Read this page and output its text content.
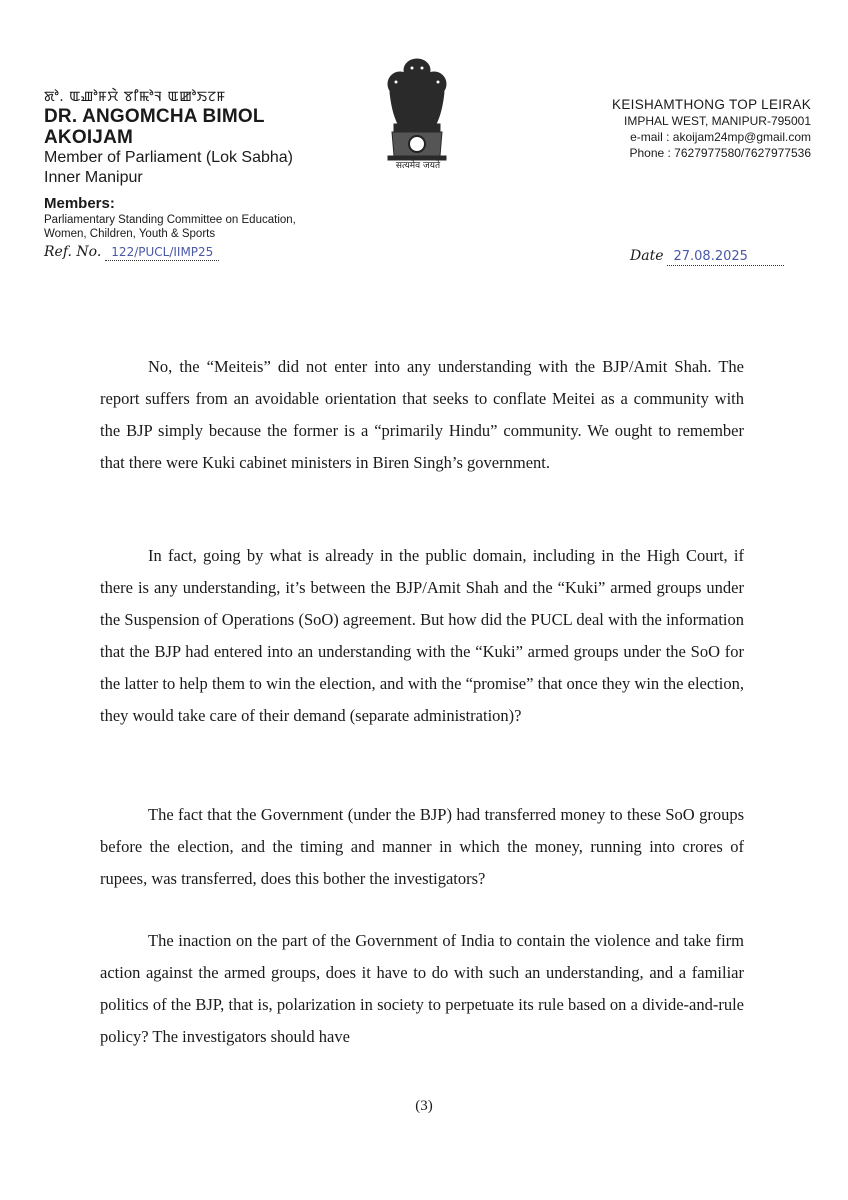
ꯗꯣ. ꯑꯉꯣꯝꯆꯥ ꯕꯤꯃꯣꯜ ꯑꯀꯣꯏꯖꯝ
DR. ANGOMCHA BIMOL AKOIJAM
Member of Parliament (Lok Sabha)
Inner Manipur
Members:
Parliamentary Standing Committee on Education,
Women, Children, Youth & Sports
सत्यमेव जयते
KEISHAMTHONG TOP LEIRAK
IMPHAL WEST, MANIPUR-795001
e-mail : akoijam24mp@gmail.com
Phone : 7627977580/7627977536
Ref. No. 122/PUCL/IIMP25	Date 27.08.2025
No, the “Meiteis” did not enter into any understanding with the BJP/Amit Shah. The report suffers from an avoidable orientation that seeks to conflate Meitei as a community with the BJP simply because the former is a “primarily Hindu” community. We ought to remember that there were Kuki cabinet ministers in Biren Singh’s government.
In fact, going by what is already in the public domain, including in the High Court, if there is any understanding, it’s between the BJP/Amit Shah and the “Kuki” armed groups under the Suspension of Operations (SoO) agreement. But how did the PUCL deal with the information that the BJP had entered into an understanding with the “Kuki” armed groups under the SoO for the latter to help them to win the election, and with the “promise” that once they win the election, they would take care of their demand (separate administration)?
The fact that the Government (under the BJP) had transferred money to these SoO groups before the election, and the timing and manner in which the money, running into crores of rupees, was transferred, does this bother the investigators?
The inaction on the part of the Government of India to contain the violence and take firm action against the armed groups, does it have to do with such an understanding, and a familiar politics of the BJP, that is, polarization in society to perpetuate its rule based on a divide-and-rule policy? The investigators should have
(3)
